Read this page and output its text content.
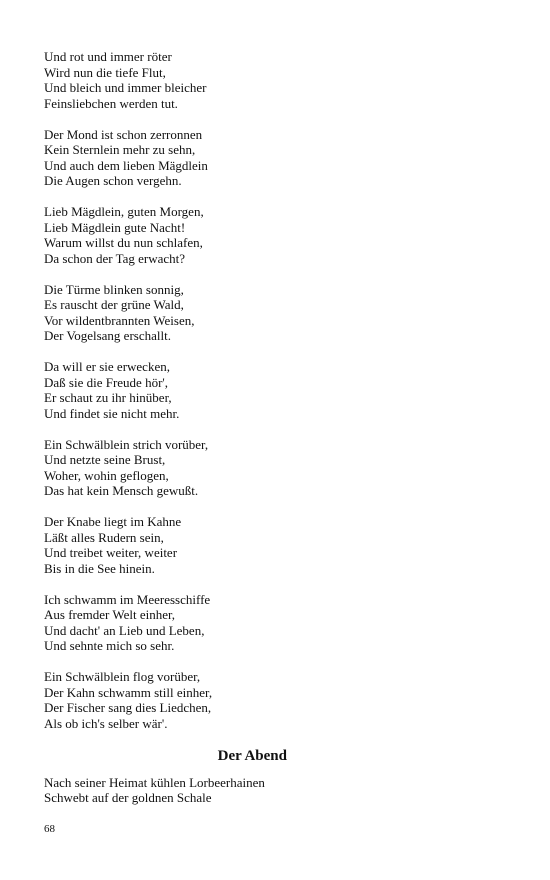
Und rot und immer röter
Wird nun die tiefe Flut,
Und bleich und immer bleicher
Feinsliebchen werden tut.
Der Mond ist schon zerronnen
Kein Sternlein mehr zu sehn,
Und auch dem lieben Mägdlein
Die Augen schon vergehn.
Lieb Mägdlein, guten Morgen,
Lieb Mägdlein gute Nacht!
Warum willst du nun schlafen,
Da schon der Tag erwacht?
Die Türme blinken sonnig,
Es rauscht der grüne Wald,
Vor wildentbrannten Weisen,
Der Vogelsang erschallt.
Da will er sie erwecken,
Daß sie die Freude hör',
Er schaut zu ihr hinüber,
Und findet sie nicht mehr.
Ein Schwälblein strich vorüber,
Und netzte seine Brust,
Woher, wohin geflogen,
Das hat kein Mensch gewußt.
Der Knabe liegt im Kahne
Läßt alles Rudern sein,
Und treibet weiter, weiter
Bis in die See hinein.
Ich schwamm im Meeresschiffe
Aus fremder Welt einher,
Und dacht' an Lieb und Leben,
Und sehnte mich so sehr.
Ein Schwälblein flog vorüber,
Der Kahn schwamm still einher,
Der Fischer sang dies Liedchen,
Als ob ich's selber wär'.
Der Abend
Nach seiner Heimat kühlen Lorbeerhainen
Schwebt auf der goldnen Schale
68
